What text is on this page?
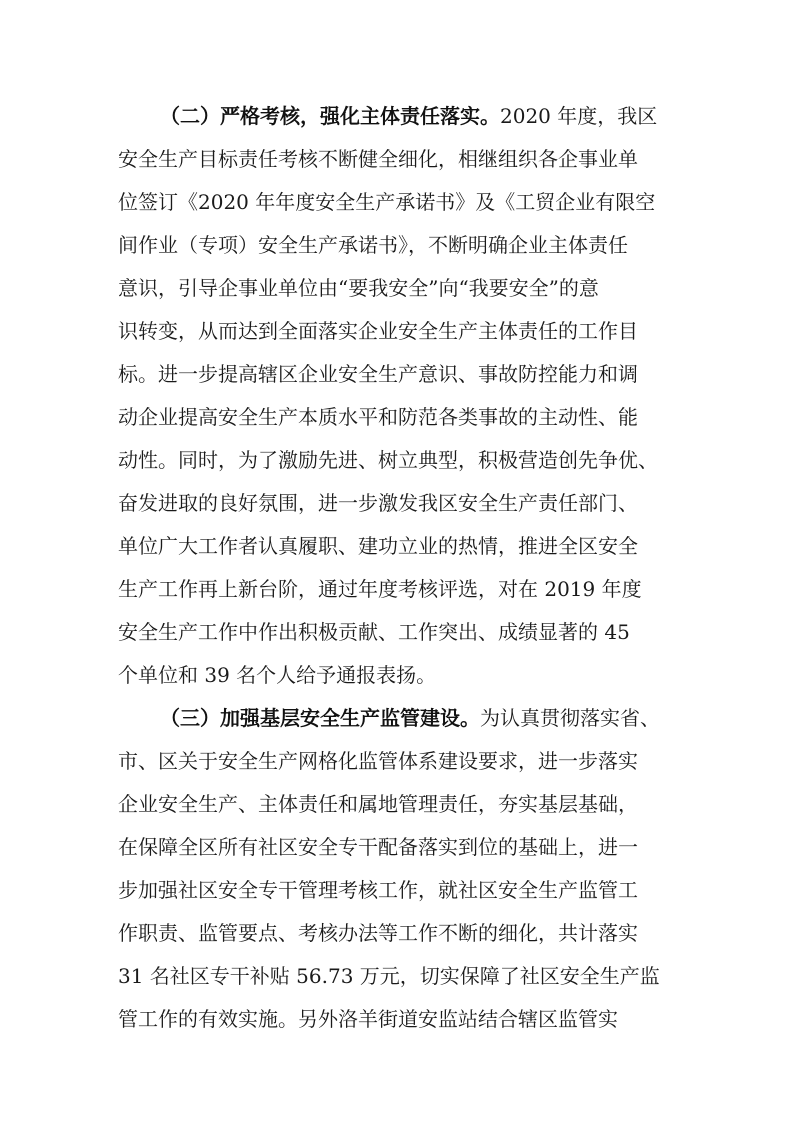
（二）严格考核，强化主体责任落实。2020 年度，我区
安全生产目标责任考核不断健全细化，相继组织各企事业单
位签订《2020 年年度安全生产承诺书》及《工贸企业有限空
间作业（专项）安全生产承诺书》，不断明确企业主体责任
意识，引导企事业单位由“要我安全”向“我要安全”的意
识转变，从而达到全面落实企业安全生产主体责任的工作目
标。进一步提高辖区企业安全生产意识、事故防控能力和调
动企业提高安全生产本质水平和防范各类事故的主动性、能
动性。同时，为了激励先进、树立典型，积极营造创先争优、
奋发进取的良好氛围，进一步激发我区安全生产责任部门、
单位广大工作者认真履职、建功立业的热情，推进全区安全
生产工作再上新台阶，通过年度考核评选，对在 2019 年度
安全生产工作中作出积极贡献、工作突出、成绩显著的 45
个单位和 39 名个人给予通报表扬。
（三）加强基层安全生产监管建设。为认真贯彻落实省、
市、区关于安全生产网格化监管体系建设要求，进一步落实
企业安全生产、主体责任和属地管理责任，夯实基层基础，
在保障全区所有社区安全专干配备落实到位的基础上，进一
步加强社区安全专干管理考核工作，就社区安全生产监管工
作职责、监管要点、考核办法等工作不断的细化，共计落实
31 名社区专干补贴 56.73 万元，切实保障了社区安全生产监
管工作的有效实施。另外洛羊街道安监站结合辖区监管实
